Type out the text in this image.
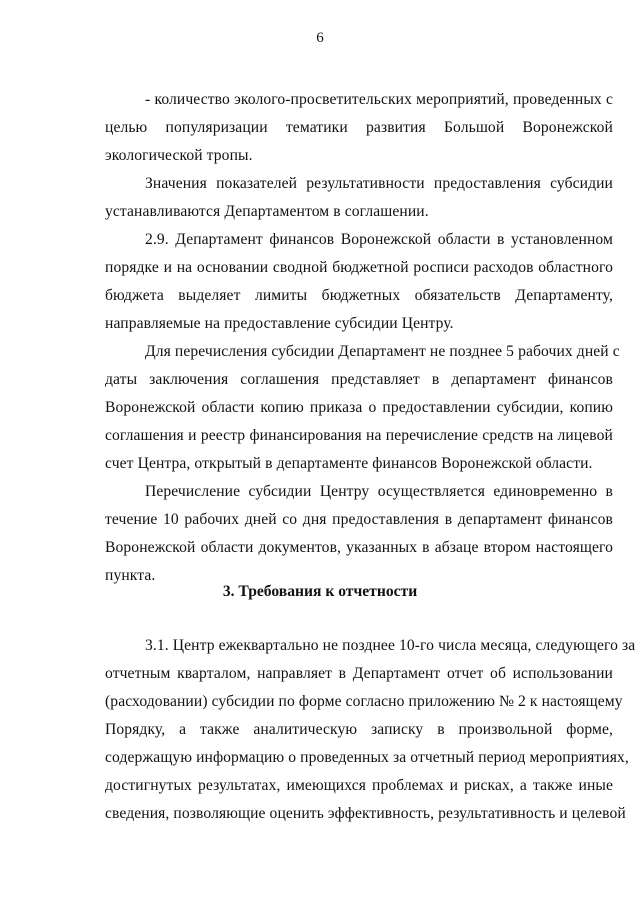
6
- количество эколого-просветительских мероприятий, проведенных с
целью популяризации тематики развития Большой Воронежской
экологической тропы.
Значения показателей результативности предоставления субсидии
устанавливаются Департаментом в соглашении.
2.9. Департамент финансов Воронежской области в установленном
порядке и на основании сводной бюджетной росписи расходов областного
бюджета выделяет лимиты бюджетных обязательств Департаменту,
направляемые на предоставление субсидии Центру.
Для перечисления субсидии Департамент не позднее 5 рабочих дней с
даты заключения соглашения представляет в департамент финансов
Воронежской области копию приказа о предоставлении субсидии, копию
соглашения и реестр финансирования на перечисление средств на лицевой
счет Центра, открытый в департаменте финансов Воронежской области.
Перечисление субсидии Центру осуществляется единовременно в
течение 10 рабочих дней со дня предоставления в департамент финансов
Воронежской области документов, указанных в абзаце втором настоящего
пункта.
3. Требования к отчетности
3.1. Центр ежеквартально не позднее 10-го числа месяца, следующего за
отчетным кварталом, направляет в Департамент отчет об использовании
(расходовании) субсидии по форме согласно приложению № 2 к настоящему
Порядку, а также аналитическую записку в произвольной форме,
содержащую информацию о проведенных за отчетный период мероприятиях,
достигнутых результатах, имеющихся проблемах и рисках, а также иные
сведения, позволяющие оценить эффективность, результативность и целевой
